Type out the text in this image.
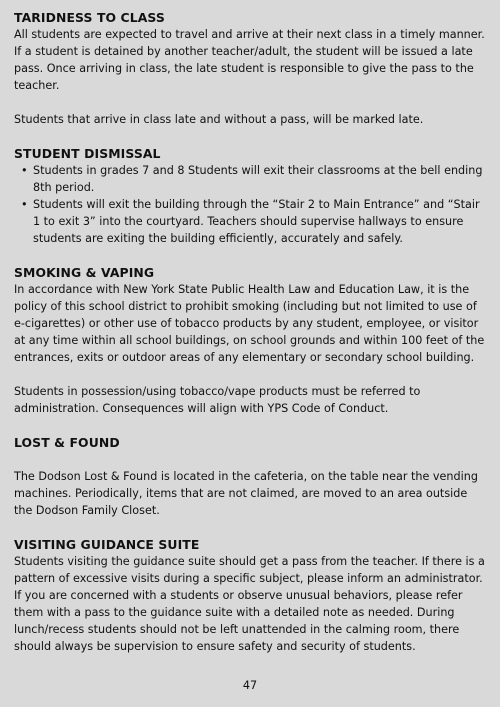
TARIDNESS TO CLASS

All students are expected to travel and arrive at their next class in a timely manner. If a student is detained by another teacher/adult, the student will be issued a late pass. Once arriving in class, the late student is responsible to give the pass to the teacher.

Students that arrive in class late and without a pass, will be marked late.

STUDENT DISMISSAL
• Students in grades 7 and 8 Students will exit their classrooms at the bell ending 8th period.
• Students will exit the building through the “Stair 2 to Main Entrance” and “Stair 1 to exit 3” into the courtyard. Teachers should supervise hallways to ensure students are exiting the building efficiently, accurately and safely.
SMOKING & VAPING

In accordance with New York State Public Health Law and Education Law, it is the policy of this school district to prohibit smoking (including but not limited to use of e-cigarettes) or other use of tobacco products by any student, employee, or visitor at any time within all school buildings, on school grounds and within 100 feet of the entrances, exits or outdoor areas of any elementary or secondary school building.

Students in possession/using tobacco/vape products must be referred to administration. Consequences will align with YPS Code of Conduct.

LOST & FOUND

The Dodson Lost & Found is located in the cafeteria, on the table near the vending machines. Periodically, items that are not claimed, are moved to an area outside the Dodson Family Closet.

VISITING GUIDANCE SUITE

Students visiting the guidance suite should get a pass from the teacher. If there is a pattern of excessive visits during a specific subject, please inform an administrator. If you are concerned with a students or observe unusual behaviors, please refer them with a pass to the guidance suite with a detailed note as needed. During lunch/recess students should not be left unattended in the calming room, there should always be supervision to ensure safety and security of students.

47
